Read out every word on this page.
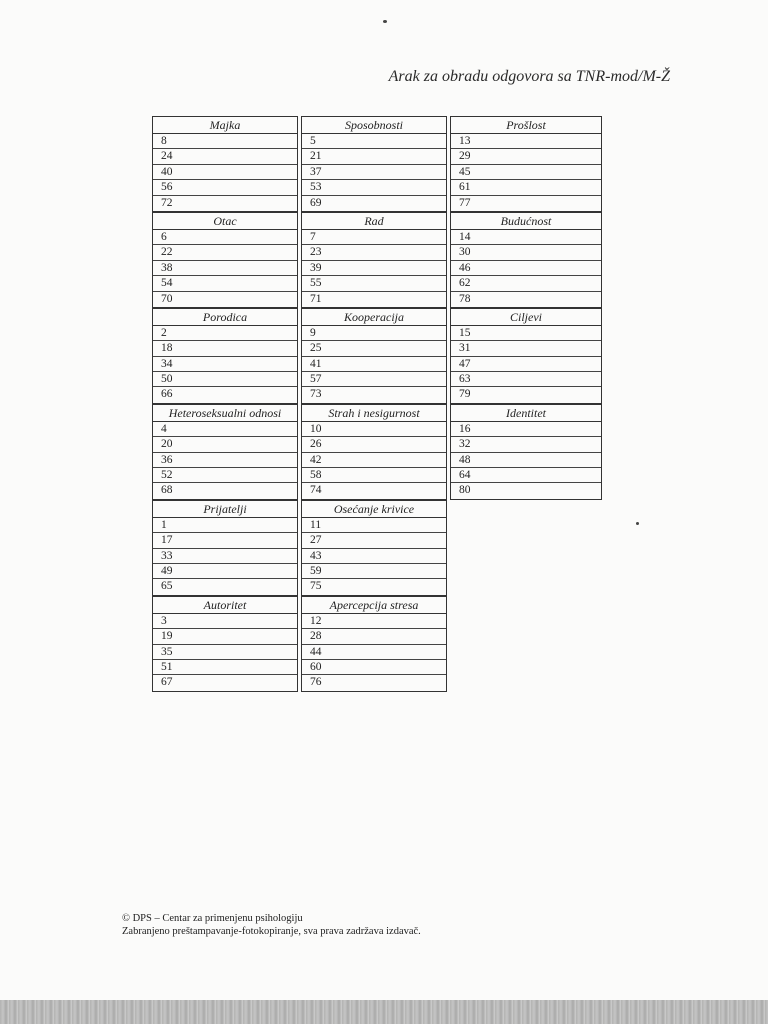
Arak za obradu odgovora sa TNR-mod/M-Ž
Majka
8
24
40
56
72
Sposobnosti
5
21
37
53
69
Prošlost
13
29
45
61
77
Otac
6
22
38
54
70
Rad
7
23
39
55
71
Budućnost
14
30
46
62
78
Porodica
2
18
34
50
66
Kooperacija
9
25
41
57
73
Ciljevi
15
31
47
63
79
Heteroseksualni odnosi
4
20
36
52
68
Strah i nesigurnost
10
26
42
58
74
Identitet
16
32
48
64
80
Prijatelji
1
17
33
49
65
Osećanje krivice
11
27
43
59
75
Autoritet
3
19
35
51
67
Apercepcija stresa
12
28
44
60
76
© DPS – Centar za primenjenu psihologiju
Zabranjeno preštampavanje-fotokopiranje, sva prava zadržava izdavač.
